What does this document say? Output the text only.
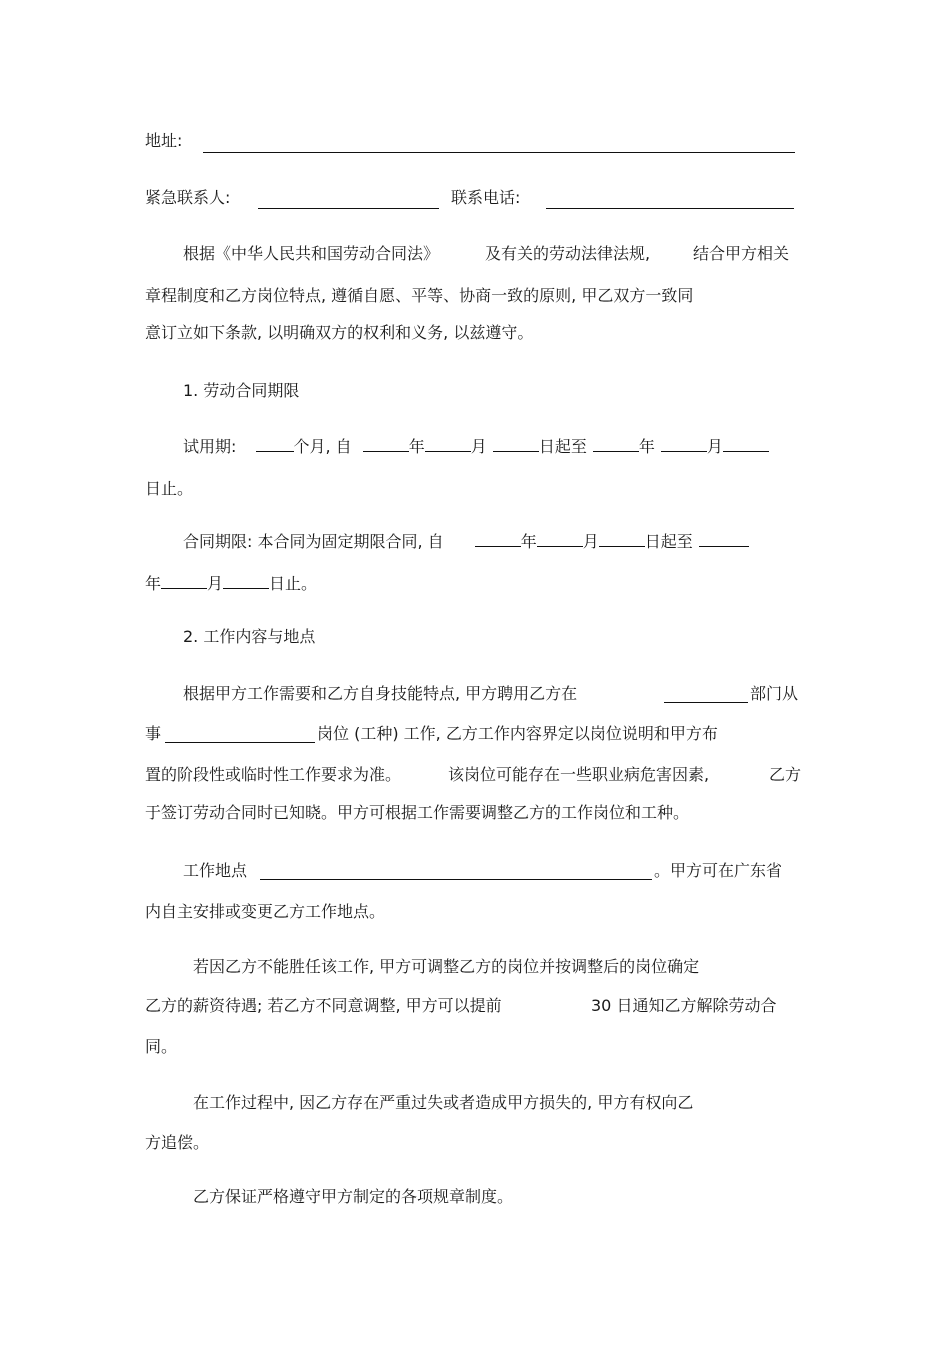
地址:
紧急联系人:	联系电话:
根据《中华人民共和国劳动合同法》	及有关的劳动法律法规,	结合甲方相关
章程制度和乙方岗位特点, 遵循自愿、平等、协商一致的原则, 甲乙双方一致同
意订立如下条款, 以明确双方的权利和义务, 以兹遵守。
1. 劳动合同期限
试用期:	个月, 自	年	月	日起至	年	月
日止。
合同期限: 本合同为固定期限合同, 自	年	月	日起至
年	月	日止。
2. 工作内容与地点
根据甲方工作需要和乙方自身技能特点, 甲方聘用乙方在	部门从
事	岗位 (工种) 工作, 乙方工作内容界定以岗位说明和甲方布
置的阶段性或临时性工作要求为准。	该岗位可能存在一些职业病危害因素,	乙方
于签订劳动合同时已知晓。甲方可根据工作需要调整乙方的工作岗位和工种。
工作地点	。甲方可在广东省
内自主安排或变更乙方工作地点。
若因乙方不能胜任该工作, 甲方可调整乙方的岗位并按调整后的岗位确定
乙方的薪资待遇; 若乙方不同意调整, 甲方可以提前	30 日通知乙方解除劳动合
同。
在工作过程中, 因乙方存在严重过失或者造成甲方损失的, 甲方有权向乙
方追偿。
乙方保证严格遵守甲方制定的各项规章制度。
